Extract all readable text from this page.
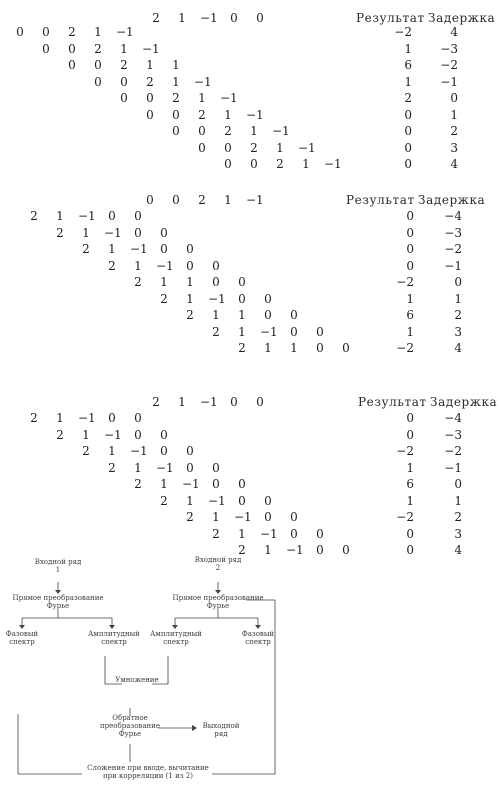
Результат Задержка
2	1	−1	0	0
0	0	2	1	−1	−2	4
0	0	2	1	−1	1	−3
0	0	2	1	1	6	−2
0	0	2	1	−1	1	−1
0	0	2	1	−1	2	0
0	0	2	1	−1	0	1
0	0	2	1	−1	0	2
0	0	2	1	−1	0	3
0	0	2	1	−1	0	4
Результат Задержка
0	0	2	1	−1
2	1	−1	0	0	0	−4
2	1	−1	0	0	0	−3
2	1	−1	0	0	0	−2
2	1	−1	0	0	0	−1
2	1	1	0	0	−2	0
2	1	−1	0	0	1	1
2	1	1	0	0	6	2
2	1	−1	0	0	1	3
2	1	1	0	0	−2	4
Результат Задержка
2	1	−1	0	0
2	1	−1	0	0	0	−4
2	1	−1	0	0	0	−3
2	1	−1	0	0	−2	−2
2	1	−1	0	0	1	−1
2	1	−1	0	0	6	0
2	1	−1	0	0	1	1
2	1	−1	0	0	−2	2
2	1	−1	0	0	0	3
2	1	−1	0	0	0	4
Входной ряд 1
Входной ряд 2
Прямое преобразование Фурье
Прямое преобразование Фурье
Фазовый спектр
Амплитудный спектр
Амплитудный спектр
Фазовый спектр
Умножение
Обратное преобразование Фурье
Выходной ряд
Сложение при вводе, вычитание при корреляции (1 из 2)
